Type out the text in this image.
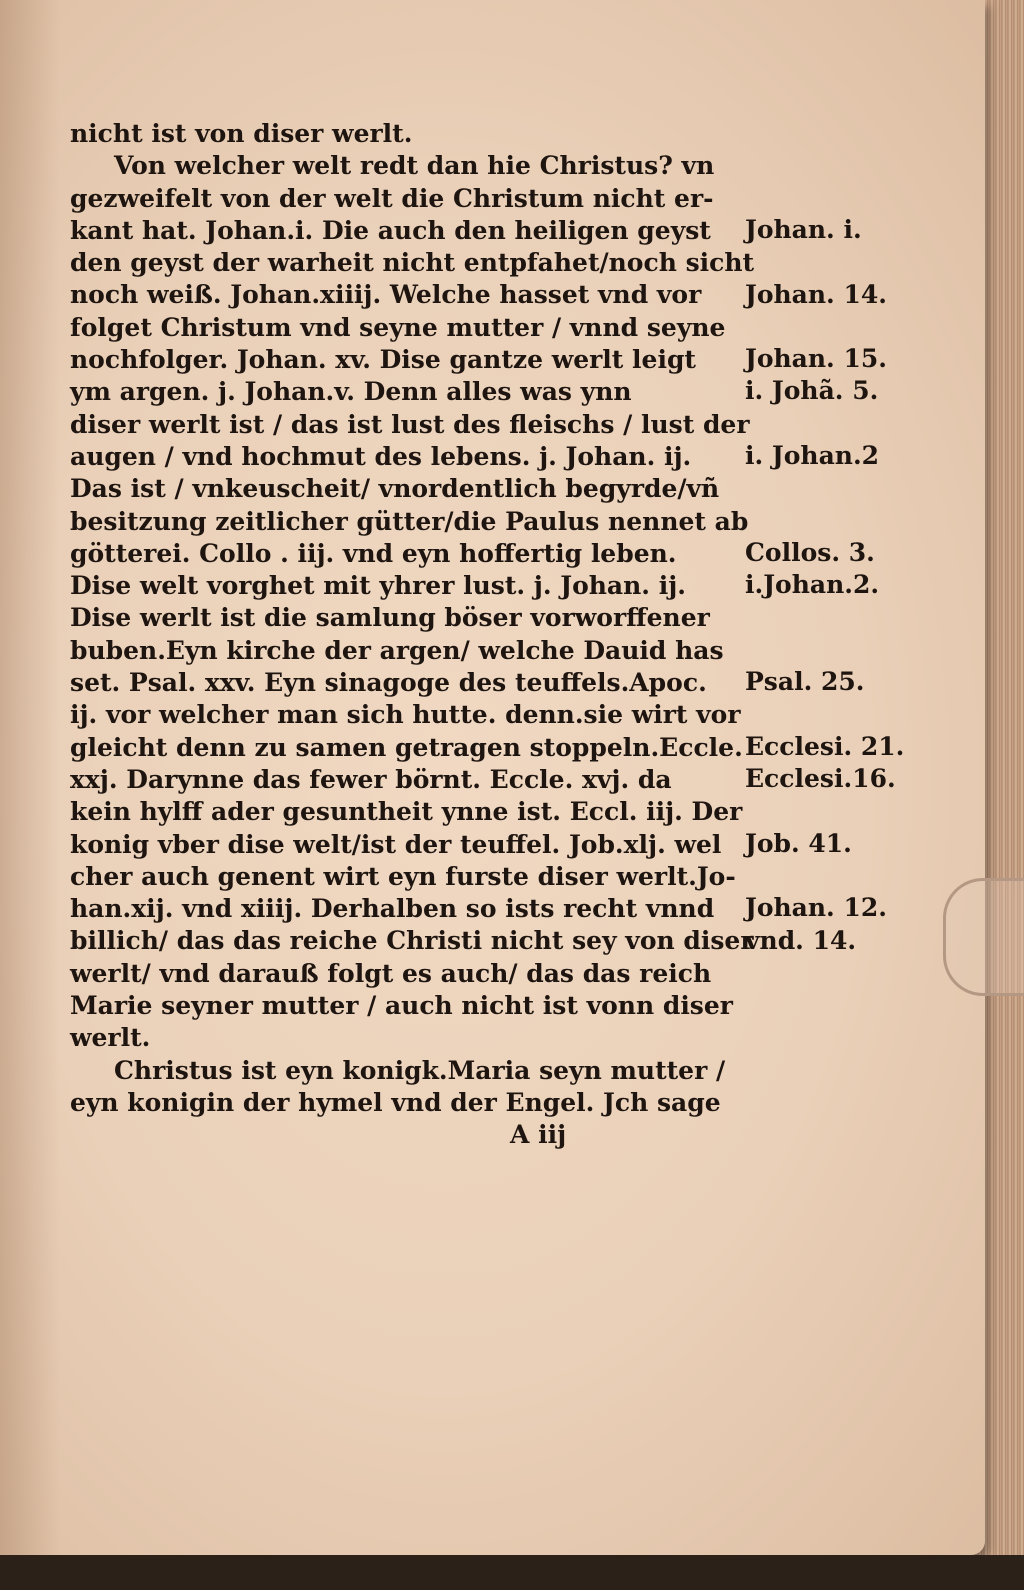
nicht ist von diser werlt.
Von welcher welt redt dan hie Christus? vn
gezweifelt von der welt die Christum nicht er-
kant hat. Johan.i. Die auch den heiligen geyst
den geyst der warheit nicht entpfahet/noch sicht
noch weiß. Johan.xiiij. Welche hasset vnd vor
folget Christum vnd seyne mutter / vnnd seyne
nochfolger. Johan. xv. Dise gantze werlt leigt
ym argen. j. Johan.v. Denn alles was ynn
diser werlt ist / das ist lust des fleischs / lust der
augen / vnd hochmut des lebens. j. Johan. ij.
Das ist / vnkeuscheit/ vnordentlich begyrde/vñ
besitzung zeitlicher gütter/die Paulus nennet ab
götterei. Collo . iij. vnd eyn hoffertig leben.
Dise welt vorghet mit yhrer lust. j. Johan. ij.
Dise werlt ist die samlung böser vorworffener
buben.Eyn kirche der argen/ welche Dauid has
set. Psal. xxv. Eyn sinagoge des teuffels.Apoc.
ij. vor welcher man sich hutte. denn.sie wirt vor
gleicht denn zu samen getragen stoppeln.Eccle.
xxj. Darynne das fewer börnt. Eccle. xvj. da
kein hylff ader gesuntheit ynne ist. Eccl. iij. Der
konig vber dise welt/ist der teuffel. Job.xlj. wel
cher auch genent wirt eyn furste diser werlt.Jo-
han.xij. vnd xiiij. Derhalben so ists recht vnnd
billich/ das das reiche Christi nicht sey von diser
werlt/ vnd darauß folgt es auch/ das das reich
Marie seyner mutter / auch nicht ist vonn diser
werlt.
Christus ist eyn konigk.Maria seyn mutter /
eyn konigin der hymel vnd der Engel. Jch sage
A iij
Johan. i.
Johan. 14.
Johan. 15.
i. Johã. 5.
i. Johan.2
Collos. 3.
i.Johan.2.
Psal. 25.
Ecclesi. 21.
Ecclesi.16.
Job. 41.
Johan. 12.
vnd. 14.
